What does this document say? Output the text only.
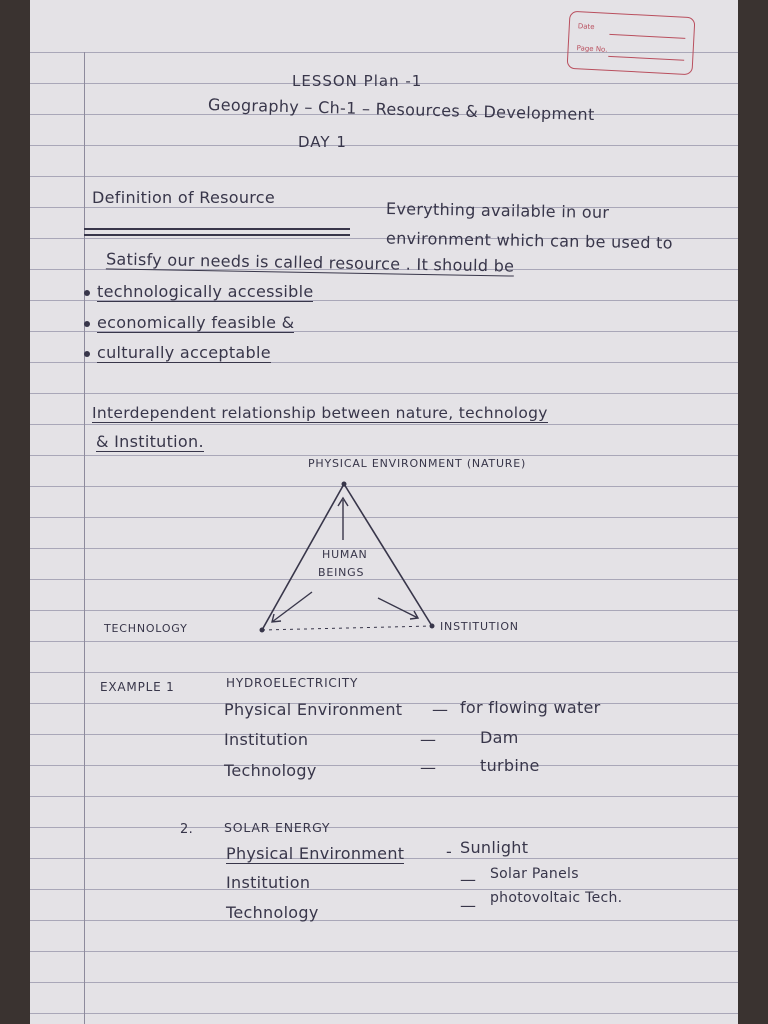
Date
Page No.
LESSON Plan -1
Geography – Ch-1 – Resources & Development
DAY 1
Definition of Resource
Everything available in our
environment which can be used to
Satisfy our needs is called resource . It should be
technologically accessible
economically feasible &
culturally acceptable
Interdependent relationship between nature, technology
& Institution.
PHYSICAL ENVIRONMENT (NATURE)
HUMAN
BEINGS
TECHNOLOGY	INSTITUTION
EXAMPLE 1	HYDROELECTRICITY
Physical Environment — for flowing water
Institution	—	Dam
Technology	—	turbine
2. SOLAR ENERGY
Physical Environment	- Sunlight
Institution	— Solar Panels
Technology	— photovoltaic Tech.
